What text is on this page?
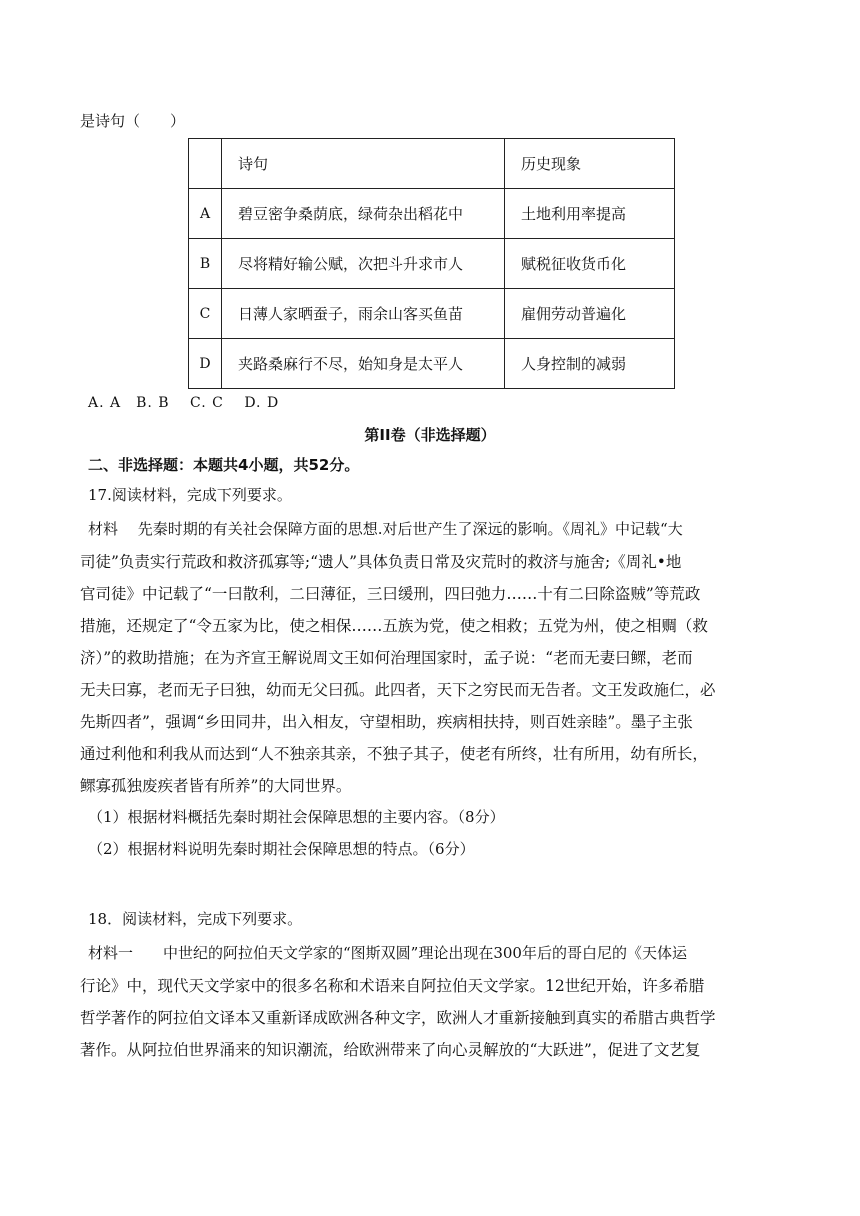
是诗句（　　）
	诗句	历史现象
A	碧豆密争桑荫底，绿荷杂出稻花中	土地利用率提高
B	尽将精好输公赋，次把斗升求市人	赋税征收货币化
C	日薄人家晒蚕子，雨余山客买鱼苗	雇佣劳动普遍化
D	夹路桑麻行不尽，始知身是太平人	人身控制的减弱
A. A　B. B　 C. C　 D. D
第II卷（非选择题）
二、非选择题：本题共4小题，共52分。
17.阅读材料，完成下列要求。
材料　 先秦时期的有关社会保障方面的思想.对后世产生了深远的影响。《周礼》中记载“大
司徒”负责实行荒政和救济孤寡等;“遗人”具体负责日常及灾荒时的救济与施舍;《周礼•地
官司徒》中记载了“一曰散利，二曰薄征，三曰缓刑，四曰弛力……十有二曰除盗贼”等荒政
措施，还规定了“令五家为比，使之相保……五族为党，使之相救；五党为州，使之相赒（救
济）”的救助措施；在为齐宣王解说周文王如何治理国家时，孟子说：“老而无妻曰鳏，老而
无夫曰寡，老而无子曰独，幼而无父曰孤。此四者，天下之穷民而无告者。文王发政施仁，必
先斯四者”，强调“乡田同井，出入相友，守望相助，疾病相扶持，则百姓亲睦”。墨子主张
通过利他和利我从而达到“人不独亲其亲，不独子其子，使老有所终，壮有所用，幼有所长，
鳏寡孤独废疾者皆有所养”的大同世界。
（1）根据材料概括先秦时期社会保障思想的主要内容。（8分）
（2）根据材料说明先秦时期社会保障思想的特点。（6分）
18．阅读材料，完成下列要求。
材料一　　中世纪的阿拉伯天文学家的“图斯双圆”理论出现在300年后的哥白尼的《天体运
行论》中，现代天文学家中的很多名称和术语来自阿拉伯天文学家。12世纪开始，许多希腊
哲学著作的阿拉伯文译本又重新译成欧洲各种文字，欧洲人才重新接触到真实的希腊古典哲学
著作。从阿拉伯世界涌来的知识潮流，给欧洲带来了向心灵解放的“大跃进”，促进了文艺复
